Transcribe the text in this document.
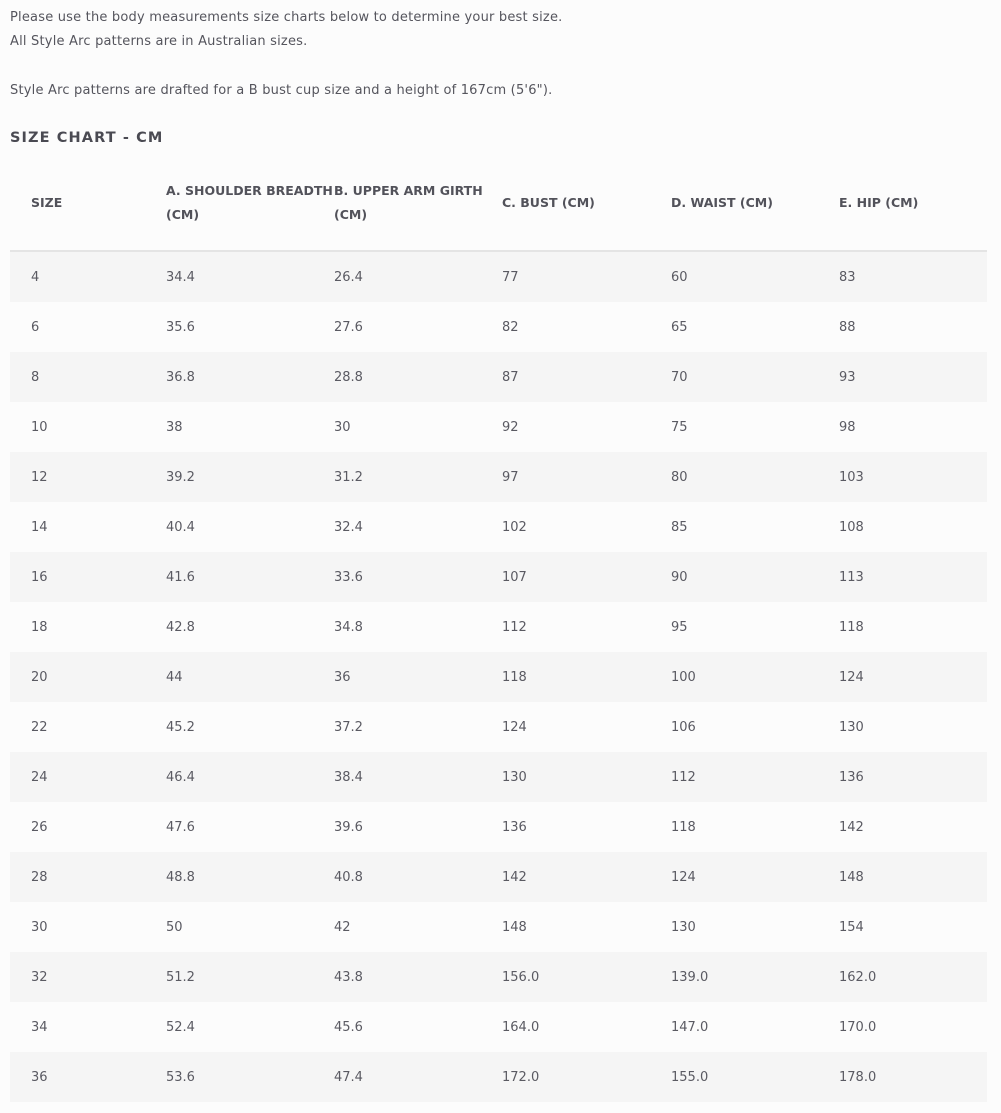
Please use the body measurements size charts below to determine your best size.

All Style Arc patterns are in Australian sizes.

Style Arc patterns are drafted for a B bust cup size and a height of 167cm (5'6").

SIZE CHART - CM
SIZE	A. SHOULDER BREADTH (CM)	B. UPPER ARM GIRTH (CM)	C. BUST (CM)	D. WAIST (CM)	E. HIP (CM)
4	34.4	26.4	77	60	83
6	35.6	27.6	82	65	88
8	36.8	28.8	87	70	93
10	38	30	92	75	98
12	39.2	31.2	97	80	103
14	40.4	32.4	102	85	108
16	41.6	33.6	107	90	113
18	42.8	34.8	112	95	118
20	44	36	118	100	124
22	45.2	37.2	124	106	130
24	46.4	38.4	130	112	136
26	47.6	39.6	136	118	142
28	48.8	40.8	142	124	148
30	50	42	148	130	154
32	51.2	43.8	156.0	139.0	162.0
34	52.4	45.6	164.0	147.0	170.0
36	53.6	47.4	172.0	155.0	178.0
